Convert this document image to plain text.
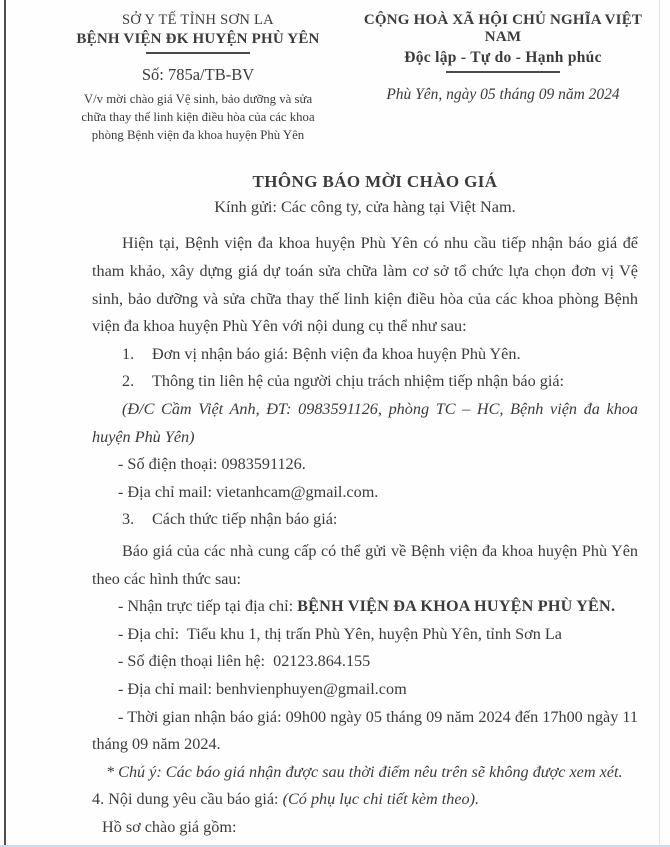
SỞ Y TẾ TỈNH SƠN LA
BỆNH VIỆN ĐK HUYỆN PHÙ YÊN
Số: 785a/TB-BV
V/v mời chào giá Vệ sinh, bảo dưỡng và sửa chữa thay thế linh kiện điều hòa của các khoa phòng Bệnh viện đa khoa huyện Phù Yên
CỘNG HOÀ XÃ HỘI CHỦ NGHĨA VIỆT NAM
Độc lập - Tự do - Hạnh phúc
Phù Yên, ngày 05 tháng 09 năm 2024
THÔNG BÁO MỜI CHÀO GIÁ
Kính gửi: Các công ty, cửa hàng tại Việt Nam.

Hiện tại, Bệnh viện đa khoa huyện Phù Yên có nhu cầu tiếp nhận báo giá để tham khảo, xây dựng giá dự toán sửa chữa làm cơ sở tổ chức lựa chọn đơn vị Vệ sinh, bảo dưỡng và sửa chữa thay thế linh kiện điều hòa của các khoa phòng Bệnh viện đa khoa huyện Phù Yên với nội dung cụ thể như sau:

1. Đơn vị nhận báo giá: Bệnh viện đa khoa huyện Phù Yên.

2. Thông tin liên hệ của người chịu trách nhiệm tiếp nhận báo giá:

(Đ/C Cầm Việt Anh, ĐT: 0983591126, phòng TC – HC, Bệnh viện đa khoa huyện Phù Yên)

- Số điện thoại: 0983591126.

- Địa chỉ mail: vietanhcam@gmail.com.

3. Cách thức tiếp nhận báo giá:

Báo giá của các nhà cung cấp có thể gửi về Bệnh viện đa khoa huyện Phù Yên theo các hình thức sau:

- Nhận trực tiếp tại địa chỉ: BỆNH VIỆN ĐA KHOA HUYỆN PHÙ YÊN.

- Địa chỉ:  Tiểu khu 1, thị trấn Phù Yên, huyện Phù Yên, tỉnh Sơn La

- Số điện thoại liên hệ:  02123.864.155

- Địa chỉ mail: benhvienphuyen@gmail.com

- Thời gian nhận báo giá: 09h00 ngày 05 tháng 09 năm 2024 đến 17h00 ngày 11 tháng 09 năm 2024.

* Chú ý: Các báo giá nhận được sau thời điểm nêu trên sẽ không được xem xét.

4. Nội dung yêu cầu báo giá: (Có phụ lục chi tiết kèm theo).

Hồ sơ chào giá gồm:
